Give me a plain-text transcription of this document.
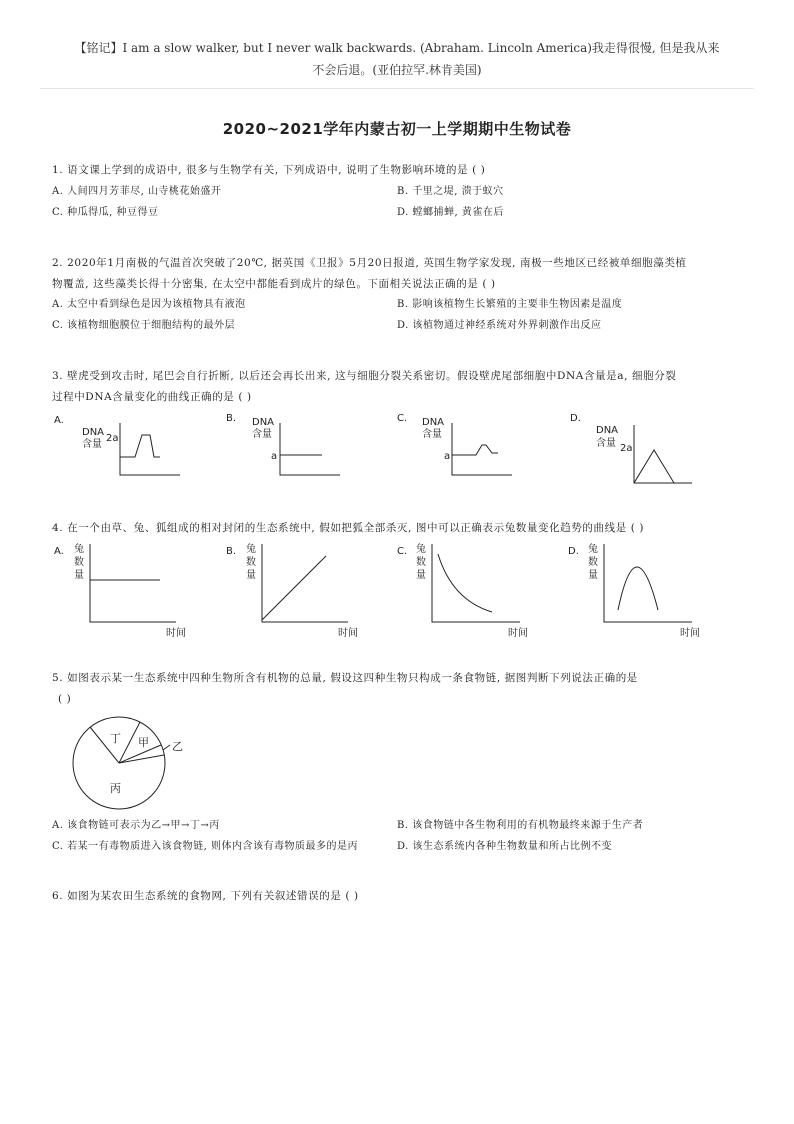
【铭记】I am a slow walker, but I never walk backwards. (Abraham. Lincoln America)我走得很慢, 但是我从来
不会后退。(亚伯拉罕.林肯美国)
2020~2021学年内蒙古初一上学期期中生物试卷
1. 语文课上学到的成语中, 很多与生物学有关, 下列成语中, 说明了生物影响环境的是 ( )
A. 人间四月芳菲尽, 山寺桃花始盛开	B. 千里之堤, 溃于蚁穴
C. 种瓜得瓜, 种豆得豆	D. 螳螂捕蝉, 黄雀在后
2. 2020年1月南极的气温首次突破了20℃, 据英国《卫报》5月20日报道, 英国生物学家发现, 南极一些地区已经被单细胞藻类植
物覆盖, 这些藻类长得十分密集, 在太空中都能看到成片的绿色。下面相关说法正确的是 ( )
A. 太空中看到绿色是因为该植物具有液泡	B. 影响该植物生长繁殖的主要非生物因素是温度
C. 该植物细胞膜位于细胞结构的最外层	D. 该植物通过神经系统对外界刺激作出反应
3. 壁虎受到攻击时, 尾巴会自行折断, 以后还会再长出来, 这与细胞分裂关系密切。假设壁虎尾部细胞中DNA含量是a, 细胞分裂
过程中DNA含量变化的曲线正确的是 ( )
A.
DNA
含量
2a
B. DNA
含量
a
C. DNA
含量
a
D.
DNA
含量 2a
4. 在一个由草、兔、狐组成的相对封闭的生态系统中, 假如把狐全部杀灭, 图中可以正确表示兔数量变化趋势的曲线是 ( )
A. 兔
数
量
时间
B. 兔
数
量
时间
C. 兔
数
量
时间
D. 兔
数
量
时间
5. 如图表示某一生态系统中四种生物所含有机物的总量, 假设这四种生物只构成一条食物链, 据图判断下列说法正确的是
( )
丁 甲 乙
丙
A. 该食物链可表示为乙→甲→丁→丙	B. 该食物链中各生物利用的有机物最终来源于生产者
C. 若某一有毒物质进入该食物链, 则体内含该有毒物质最多的是丙	D. 该生态系统内各种生物数量和所占比例不变
6. 如图为某农田生态系统的食物网, 下列有关叙述错误的是 ( )
